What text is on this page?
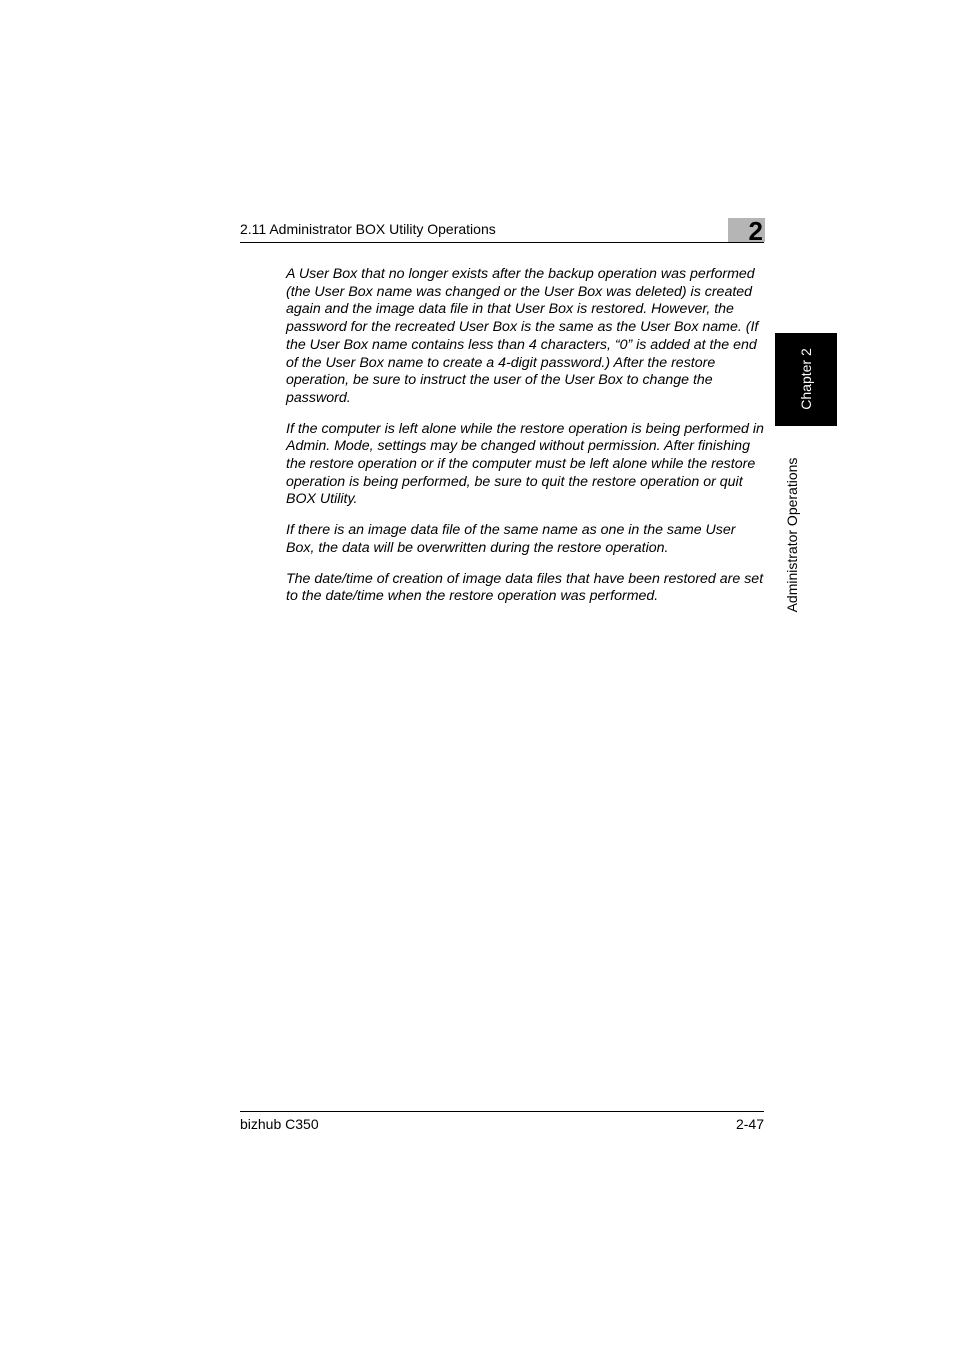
2.11 Administrator BOX Utility Operations	2

A User Box that no longer exists after the backup operation was performed (the User Box name was changed or the User Box was deleted) is created again and the image data file in that User Box is restored. However, the password for the recreated User Box is the same as the User Box name. (If the User Box name contains less than 4 characters, “0” is added at the end of the User Box name to create a 4-digit password.) After the restore operation, be sure to instruct the user of the User Box to change the password.

If the computer is left alone while the restore operation is being performed in Admin. Mode, settings may be changed without permission. After finishing the restore operation or if the computer must be left alone while the restore operation is being performed, be sure to quit the restore operation or quit BOX Utility.

If there is an image data file of the same name as one in the same User Box, the data will be overwritten during the restore operation.

The date/time of creation of image data files that have been restored are set to the date/time when the restore operation was performed.

Chapter 2
Administrator Operations
bizhub C350	2-47
